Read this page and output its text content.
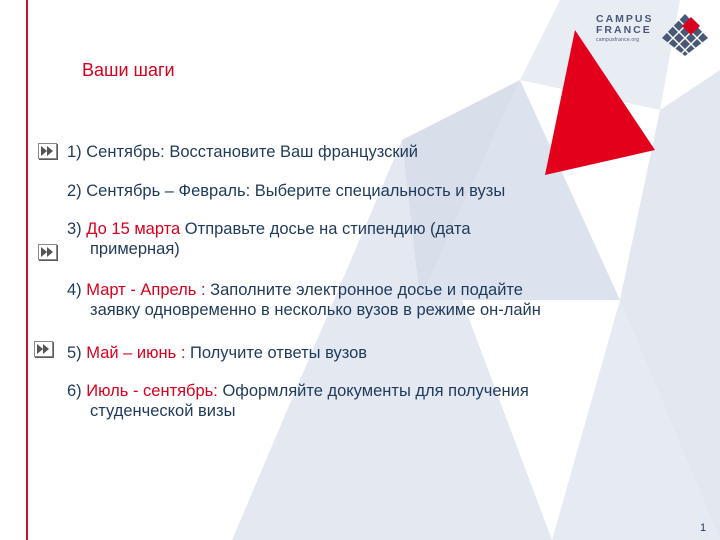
CAMPUS
FRANCE
campusfrance.org
Ваши шаги
1) Сентябрь: Восстановите Ваш французский
2) Сентябрь – Февраль: Выберите специальность и вузы
3) До 15 марта Отправьте досье на стипендию (дата
примерная)
4) Март - Апрель : Заполните электронное досье и подайте
заявку одновременно в несколько вузов в режиме он-лайн
5) Май – июнь : Получите ответы вузов
6) Июль - сентябрь: Оформляйте документы для получения
студенческой визы
1
